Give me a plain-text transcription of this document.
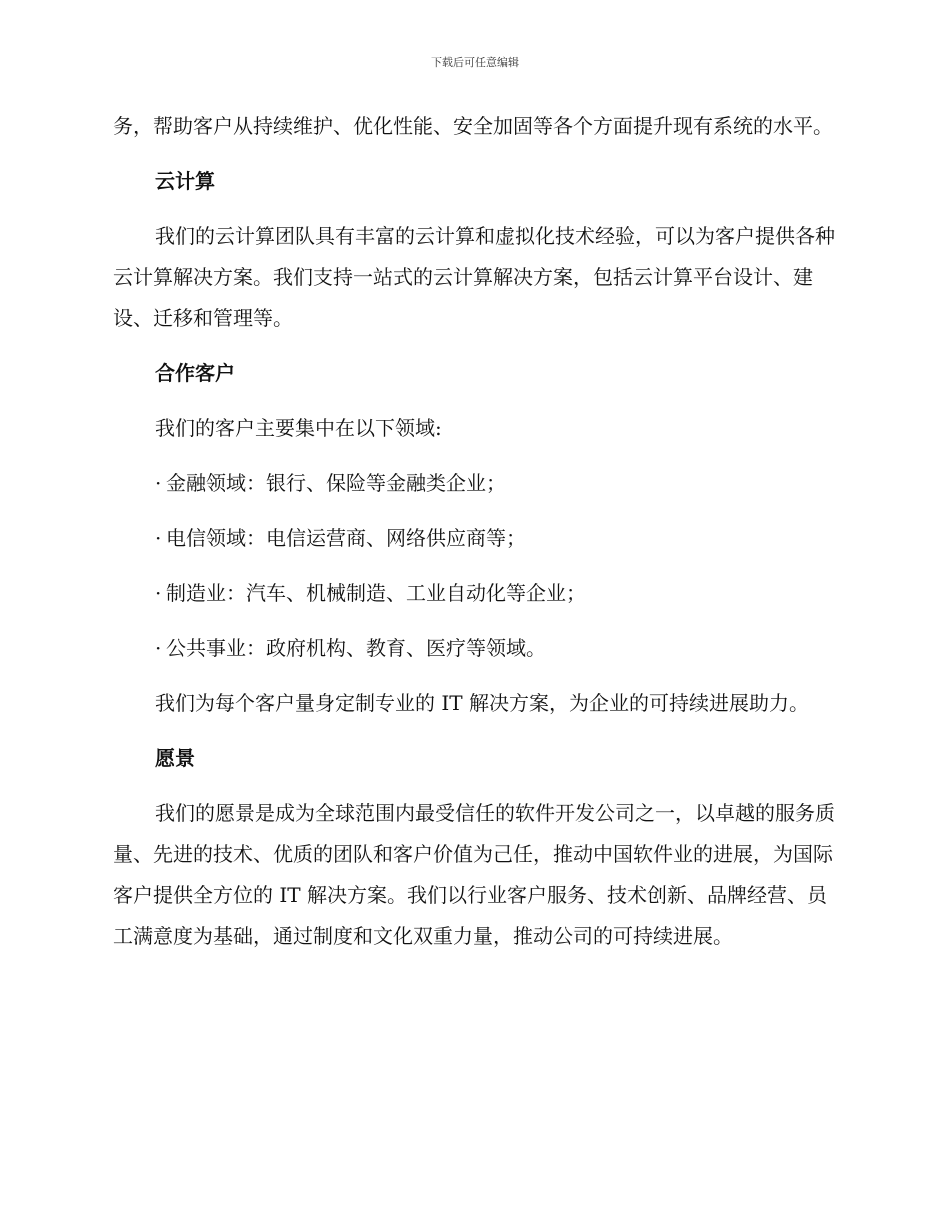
下载后可任意编辑

务，帮助客户从持续维护、优化性能、安全加固等各个方面提升现有系统的水平。

云计算

我们的云计算团队具有丰富的云计算和虚拟化技术经验，可以为客户提供各种云计算解决方案。我们支持一站式的云计算解决方案，包括云计算平台设计、建设、迁移和管理等。

合作客户

我们的客户主要集中在以下领域:

· 金融领域：银行、保险等金融类企业；

· 电信领域：电信运营商、网络供应商等；

· 制造业：汽车、机械制造、工业自动化等企业；

· 公共事业：政府机构、教育、医疗等领域。

我们为每个客户量身定制专业的 IT 解决方案，为企业的可持续进展助力。

愿景

我们的愿景是成为全球范围内最受信任的软件开发公司之一，以卓越的服务质量、先进的技术、优质的团队和客户价值为己任，推动中国软件业的进展，为国际客户提供全方位的 IT 解决方案。我们以行业客户服务、技术创新、品牌经营、员工满意度为基础，通过制度和文化双重力量，推动公司的可持续进展。
